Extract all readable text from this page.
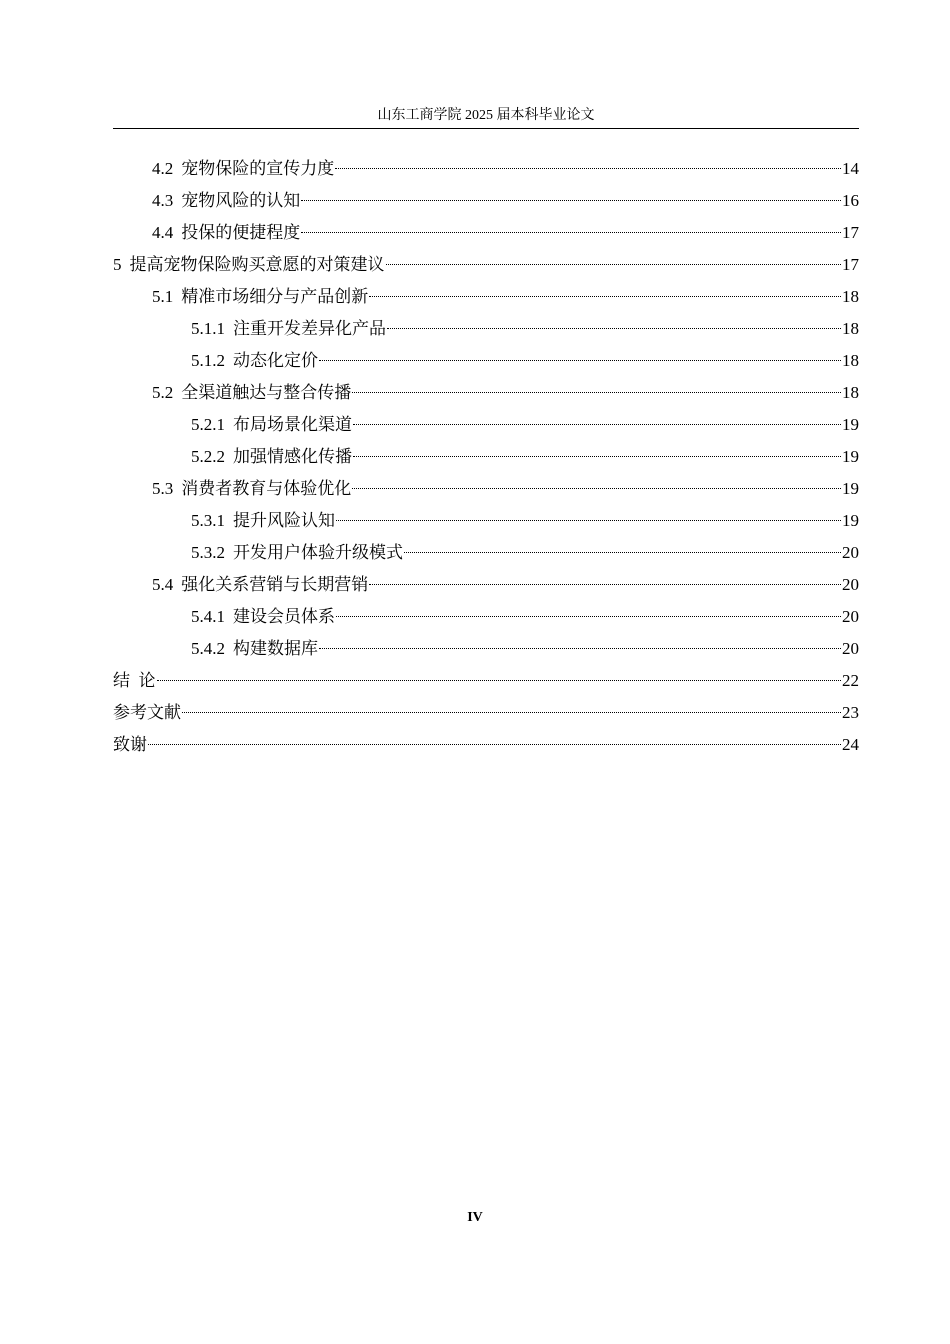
山东工商学院 2025 届本科毕业论文
4.2 宠物保险的宣传力度	14
4.3 宠物风险的认知	16
4.4 投保的便捷程度	17
5 提高宠物保险购买意愿的对策建议	17
5.1 精准市场细分与产品创新	18
5.1.1 注重开发差异化产品	18
5.1.2 动态化定价	18
5.2 全渠道触达与整合传播	18
5.2.1 布局场景化渠道	19
5.2.2 加强情感化传播	19
5.3 消费者教育与体验优化	19
5.3.1 提升风险认知	19
5.3.2 开发用户体验升级模式	20
5.4 强化关系营销与长期营销	20
5.4.1 建设会员体系	20
5.4.2 构建数据库	20
结  论	22
参考文献	23
致谢	24
IV
